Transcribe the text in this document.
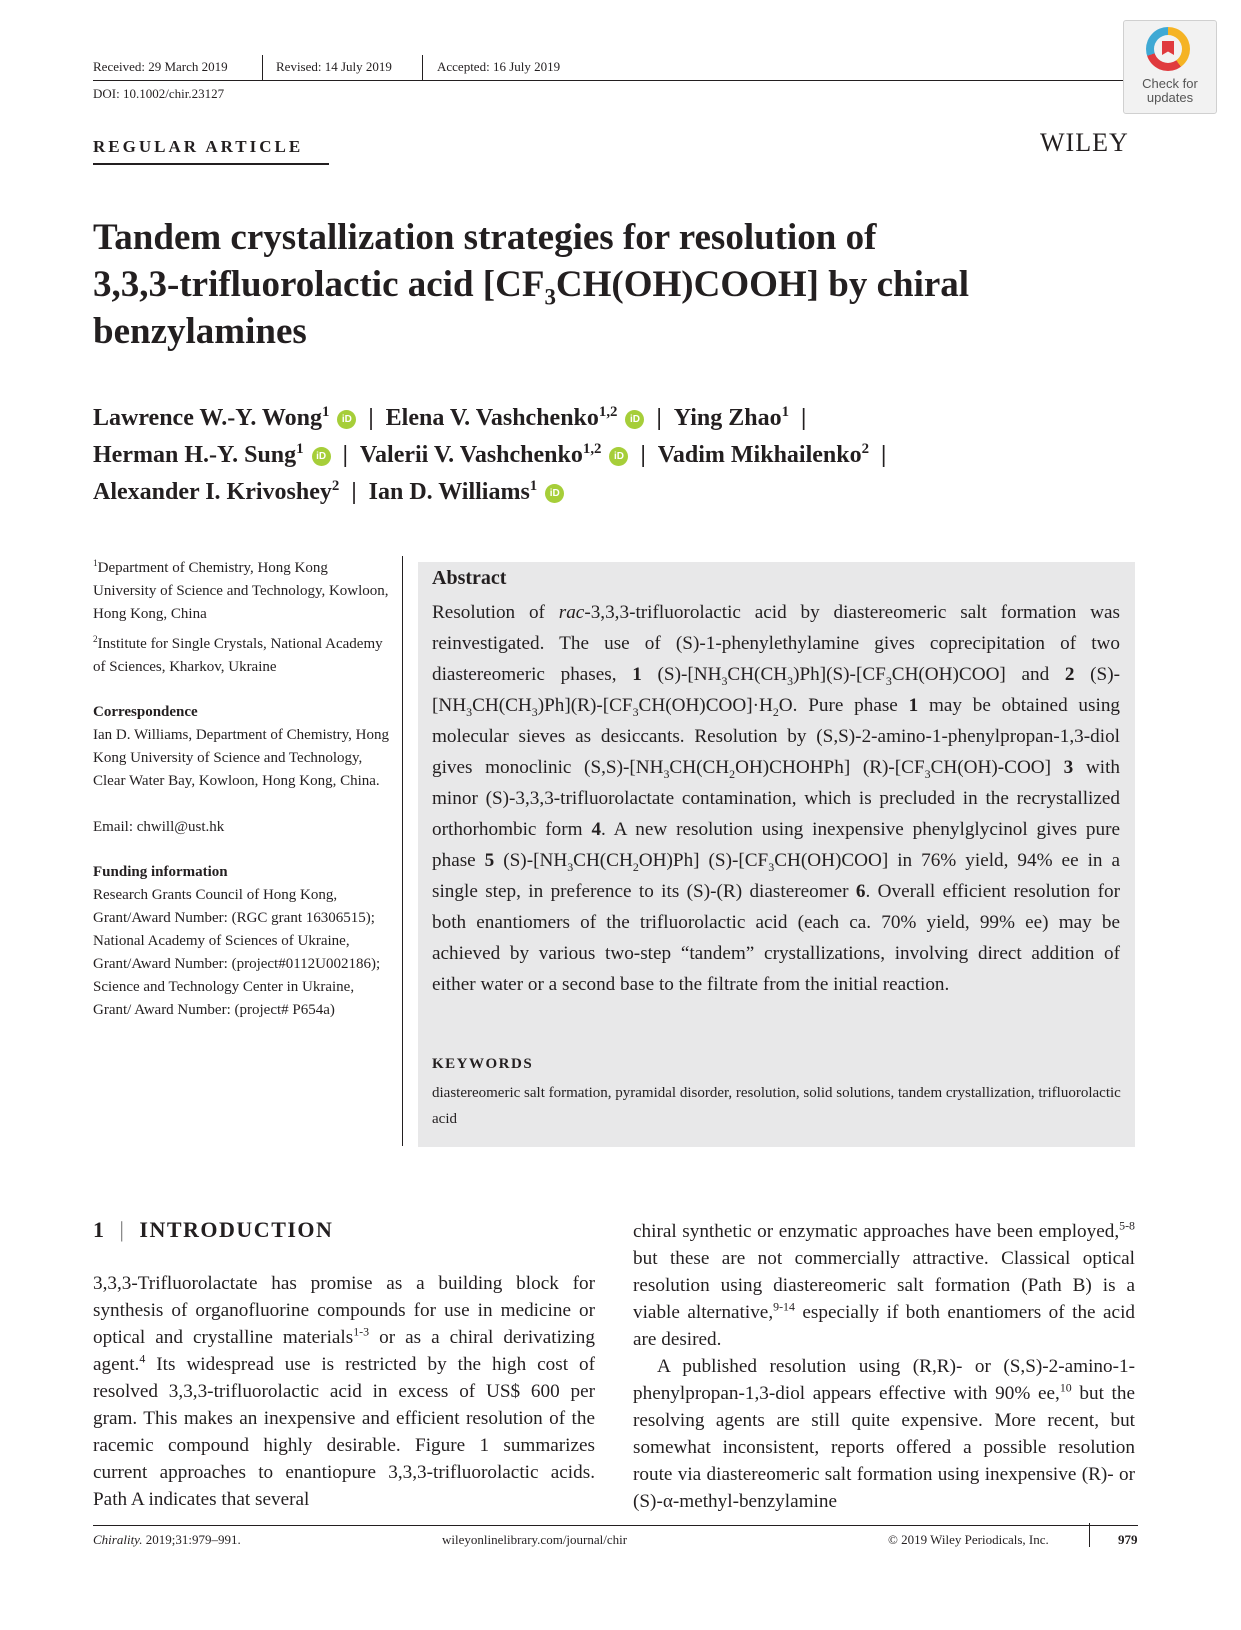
Received: 29 March 2019	Revised: 14 July 2019	Accepted: 16 July 2019
DOI: 10.1002/chir.23127
Check for
updates
REGULAR ARTICLE	WILEY
Tandem crystallization strategies for resolution of
3,3,3-trifluorolactic acid $[CF_3CH(OH)COOH]$ by chiral
benzylamines
Lawrence W.-Y. Wong$^1$ iD  |  Elena V. Vashchenko$^{1,2}$ iD  |  Ying Zhao$^1$  |
Herman H.-Y. Sung$^1$ iD  |  Valerii V. Vashchenko$^{1,2}$ iD  |  Vadim Mikhailenko$^2$  |
Alexander I. Krivoshey$^2$  |  Ian D. Williams$^1$ iD
$^1$Department of Chemistry, Hong Kong University of Science and Technology, Kowloon, Hong Kong, China
$^2$Institute for Single Crystals, National Academy of Sciences, Kharkov, Ukraine
Correspondence
Ian D. Williams, Department of Chemistry, Hong Kong University of Science and Technology, Clear Water Bay, Kowloon, Hong Kong, China.
Email: chwill@ust.hk
Funding information
Research Grants Council of Hong Kong, Grant/Award Number: (RGC grant 16306515); National Academy of Sciences of Ukraine, Grant/Award Number: (project#0112U002186); Science and Technology Center in Ukraine, Grant/ Award Number: (project# P654a)
Abstract
Resolution of rac-3,3,3-trifluorolactic acid by diastereomeric salt formation was reinvestigated. The use of (S)-1-phenylethylamine gives coprecipitation of two diastereomeric phases, 1 $(S)-[NH_3CH(CH_3)Ph](S)-[CF_3CH(OH)COO]$ and 2 $(S)-[NH_3CH(CH_3)Ph](R)-[CF_3CH(OH)COO]\cdot H_2O$. Pure phase 1 may be obtained using molecular sieves as desiccants. Resolution by (S,S)-2-amino-1-phenylpropan-1,3-diol gives monoclinic $(S,S)-[NH_3CH(CH_2OH)CHOHPh]$ $(R)-[CF_3CH(OH)-COO]$ 3 with minor (S)-3,3,3-trifluorolactate contamination, which is precluded in the recrystallized orthorhombic form 4. A new resolution using inexpensive phenylglycinol gives pure phase 5 $(S)-[NH_3CH(CH_2OH)Ph]$ $(S)-[CF_3CH(OH)COO]$ in 76% yield, 94% ee in a single step, in preference to its (S)-(R) diastereomer 6. Overall efficient resolution for both enantiomers of the trifluorolactic acid (each ca. 70% yield, 99% ee) may be achieved by various two-step “tandem” crystallizations, involving direct addition of either water or a second base to the filtrate from the initial reaction.
KEYWORDS
diastereomeric salt formation, pyramidal disorder, resolution, solid solutions, tandem crystallization, trifluorolactic acid
1  |  INTRODUCTION

3,3,3-Trifluorolactate has promise as a building block for synthesis of organofluorine compounds for use in medicine or optical and crystalline materials$^{1-3}$ or as a chiral derivatizing agent.$^4$ Its widespread use is restricted by the high cost of resolved 3,3,3-trifluorolactic acid in excess of US$ 600 per gram. This makes an inexpensive and efficient resolution of the racemic compound highly desirable. Figure 1 summarizes current approaches to enantiopure 3,3,3-trifluorolactic acids. Path A indicates that several

chiral synthetic or enzymatic approaches have been employed,$^{5-8}$ but these are not commercially attractive. Classical optical resolution using diastereomeric salt formation (Path B) is a viable alternative,$^{9-14}$ especially if both enantiomers of the acid are desired.

A published resolution using (R,R)- or (S,S)-2-amino-1-phenylpropan-1,3-diol appears effective with 90% ee,$^{10}$ but the resolving agents are still quite expensive. More recent, but somewhat inconsistent, reports offered a possible resolution route via diastereomeric salt formation using inexpensive (R)- or (S)-α-methyl-benzylamine

Chirality. 2019;31:979–991.	wileyonlinelibrary.com/journal/chir	© 2019 Wiley Periodicals, Inc.	979
